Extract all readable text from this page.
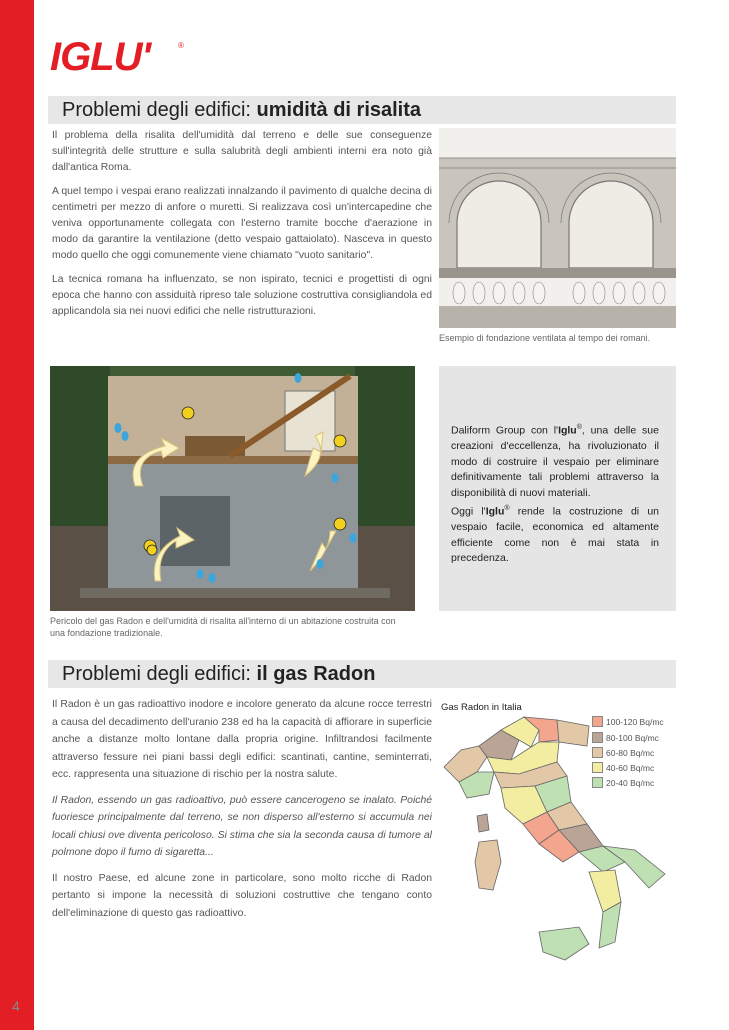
4
IGLU'	®
Problemi degli edifici: umidità di risalita

Il problema della risalita dell'umidità dal terreno e delle sue conseguenze sull'integrità delle strutture e sulla salubrità degli ambienti interni era noto già dall'antica Roma.

A quel tempo i vespai erano realizzati innalzando il pavimento di qualche decina di centimetri per mezzo di anfore o muretti. Si realizzava così un'intercapedine che veniva opportunamente collegata con l'esterno tramite bocche d'aerazione in modo da garantire la ventilazione (detto vespaio gattaiolato). Nasceva in questo modo quello che oggi comunemente viene chiamato "vuoto sanitario".

La tecnica romana ha influenzato, se non ispirato, tecnici e progettisti di ogni epoca che hanno con assiduità ripreso tale soluzione costruttiva consigliandola ed applicandola sia nei nuovi edifici che nelle ristrutturazioni.

Esempio di fondazione ventilata al tempo dei romani.
Pericolo del gas Radon e dell'umidità di risalita all'interno di un abitazione costruita con una fondazione tradizionale.
Daliform Group con l'Iglu®, una delle sue creazioni d'eccellenza, ha rivoluzionato il modo di costruire il vespaio per eliminare definitivamente tali problemi attraverso la disponibilità di nuovi materiali.
Oggi l'Iglu® rende la costruzione di un vespaio facile, economica ed altamente efficiente come non è mai stata in precedenza.
Problemi degli edifici: il gas Radon

Il Radon è un gas radioattivo inodore e incolore generato da alcune rocce terrestri a causa del decadimento dell'uranio 238 ed ha la capacità di affiorare in superficie anche a distanze molto lontane dalla propria origine. Infiltrandosi facilmente attraverso fessure nei piani bassi degli edifici: scantinati, cantine, seminterrati, ecc. rappresenta una situazione di rischio per la nostra salute.

Il Radon, essendo un gas radioattivo, può essere cancerogeno se inalato. Poiché fuoriesce principalmente dal terreno, se non disperso all'esterno si accumula nei locali chiusi ove diventa pericoloso. Si stima che sia la seconda causa di tumore al polmone dopo il fumo di sigaretta...

Il nostro Paese, ed alcune zone in particolare, sono molto ricche di Radon pertanto si impone la necessità di soluzioni costruttive che tengano conto dell'eliminazione di questo gas radioattivo.

Gas Radon in Italia
100-120 Bq/mc
80-100 Bq/mc
60-80 Bq/mc
40-60 Bq/mc
20-40 Bq/mc
